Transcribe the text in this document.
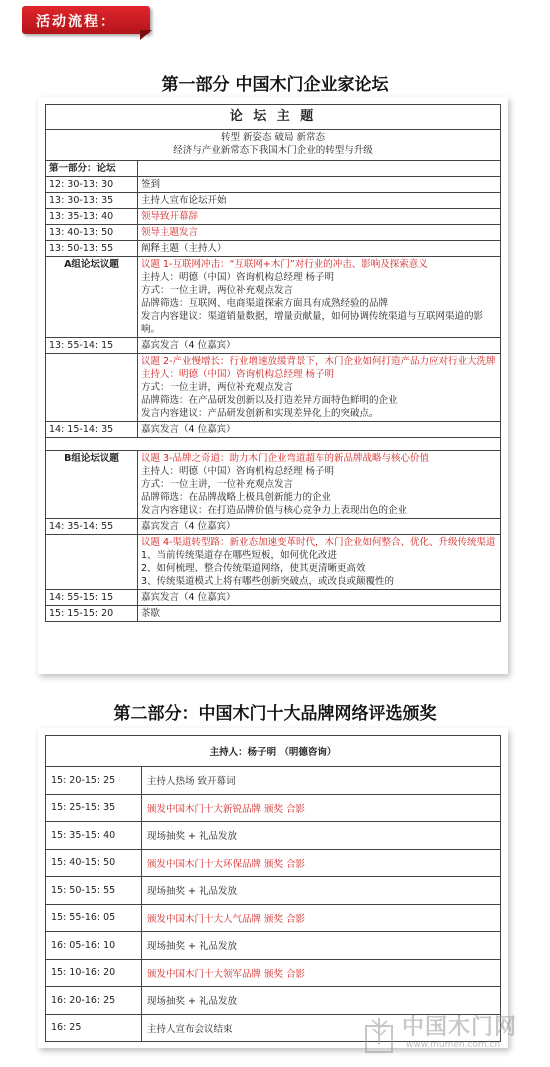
活动流程：
第一部分 中国木门企业家论坛
论 坛 主 题	

转型 新姿态 破局 新常态
经济与产业新常态下我国木门企业的转型与升级	

第一部分：论坛	
12: 30-13: 30	签到
13: 30-13: 35	主持人宣布论坛开始
13: 35-13: 40	领导致开幕辞
13: 40-13: 50	领导主题发言
13: 50-13: 55	阐释主题（主持人）
A组论坛议题	议题 1-互联网冲击：“互联网+木门”对行业的冲击、影响及探索意义
主持人：明德（中国）咨询机构总经理 杨子明
方式：一位主讲，两位补充观点发言
品牌筛选：互联网、电商渠道探索方面具有成熟经验的品牌
发言内容建议：渠道销量数据，增量贡献量，如何协调传统渠道与互联网渠道的影响。

13: 55-14: 15	嘉宾发言（4 位嘉宾）

	议题 2-产业慢增长：行业增速放缓背景下，木门企业如何打造产品力应对行业大洗牌 主持人：明德（中国）咨询机构总经理 杨子明
方式：一位主讲，两位补充观点发言
品牌筛选：在产品研发创新以及打造差异方面特色鲜明的企业
发言内容建议：产品研发创新和实现差异化上的突破点。

14: 15-14: 35	嘉宾发言（4 位嘉宾）

B组论坛议题	议题 3-品牌之奇道：助力木门企业弯道超车的新品牌战略与核心价值
主持人：明德（中国）咨询机构总经理 杨子明
方式：一位主讲，一位补充观点发言
品牌筛选：在品牌战略上极具创新能力的企业
发言内容建议：在打造品牌价值与核心竞争力上表现出色的企业

14: 35-14: 55	嘉宾发言（4 位嘉宾）

	议题 4-渠道转型路：新业态加速变革时代，木门企业如何整合、优化、升级传统渠道
1、当前传统渠道存在哪些短板，如何优化改进
2、如何梳理、整合传统渠道网络，使其更清晰更高效
3、传统渠道模式上将有哪些创新突破点，或改良或颠覆性的

14: 55-15: 15	嘉宾发言（4 位嘉宾）
15: 15-15: 20	茶歇
第二部分：中国木门十大品牌网络评选颁奖
主持人：杨子明 （明德咨询）	
15: 20-15: 25	主持人热场 致开幕词
15: 25-15: 35	颁发中国木门十大新锐品牌 颁奖 合影
15: 35-15: 40	现场抽奖 + 礼品发放
15: 40-15: 50	颁发中国木门十大环保品牌 颁奖 合影
15: 50-15: 55	现场抽奖 + 礼品发放
15: 55-16: 05	颁发中国木门十大人气品牌 颁奖 合影
16: 05-16: 10	现场抽奖 + 礼品发放
15: 10-16: 20	颁发中国木门十大领军品牌 颁奖 合影
16: 20-16: 25	现场抽奖 + 礼品发放
16: 25	主持人宣布会议结束	中国木门网
www.mumen.com.cn
